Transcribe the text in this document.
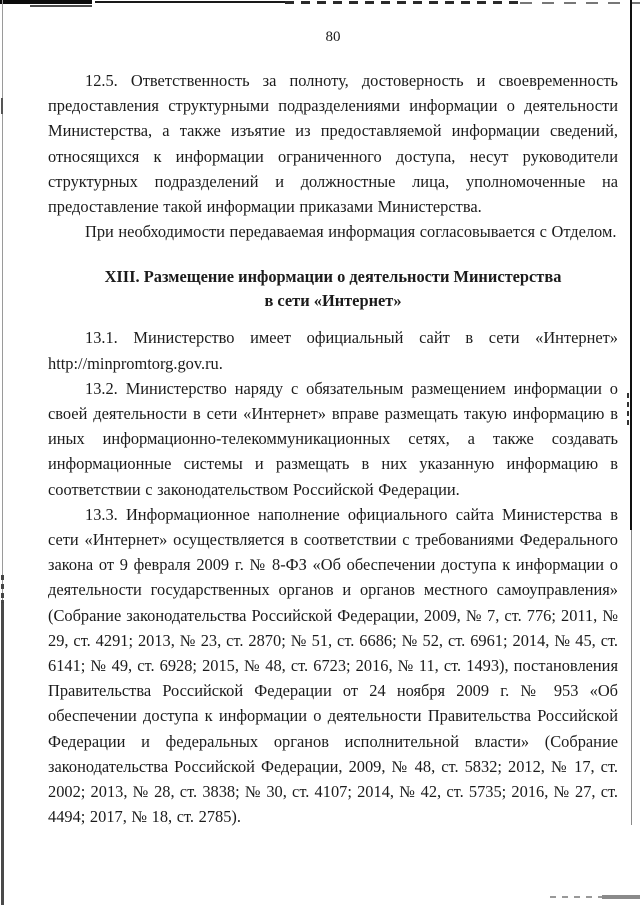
80

12.5. Ответственность за полноту, достоверность и своевременность предоставления структурными подразделениями информации о деятельности Министерства, а также изъятие из предоставляемой информации сведений, относящихся к информации ограниченного доступа, несут руководители структурных подразделений и должностные лица, уполномоченные на предоставление такой информации приказами Министерства.

При необходимости передаваемая информация согласовывается с Отделом.

XIII. Размещение информации о деятельности Министерства
в сети «Интернет»

13.1. Министерство имеет официальный сайт в сети «Интернет» http://minpromtorg.gov.ru.

13.2. Министерство наряду с обязательным размещением информации о своей деятельности в сети «Интернет» вправе размещать такую информацию в иных информационно-телекоммуникационных сетях, а также создавать информационные системы и размещать в них указанную информацию в соответствии с законодательством Российской Федерации.

13.3. Информационное наполнение официального сайта Министерства в сети «Интернет» осуществляется в соответствии с требованиями Федерального закона от 9 февраля 2009 г. № 8-ФЗ «Об обеспечении доступа к информации о деятельности государственных органов и органов местного самоуправления» (Собрание законодательства Российской Федерации, 2009, № 7, ст. 776; 2011, № 29, ст. 4291; 2013, № 23, ст. 2870; № 51, ст. 6686; № 52, ст. 6961; 2014, № 45, ст. 6141; № 49, ст. 6928; 2015, № 48, ст. 6723; 2016, № 11, ст. 1493), постановления Правительства Российской Федерации от 24 ноября 2009 г. № 953 «Об обеспечении доступа к информации о деятельности Правительства Российской Федерации и федеральных органов исполнительной власти» (Собрание законодательства Российской Федерации, 2009, № 48, ст. 5832; 2012, № 17, ст. 2002; 2013, № 28, ст. 3838; № 30, ст. 4107; 2014, № 42, ст. 5735; 2016, № 27, ст. 4494; 2017, № 18, ст. 2785).
